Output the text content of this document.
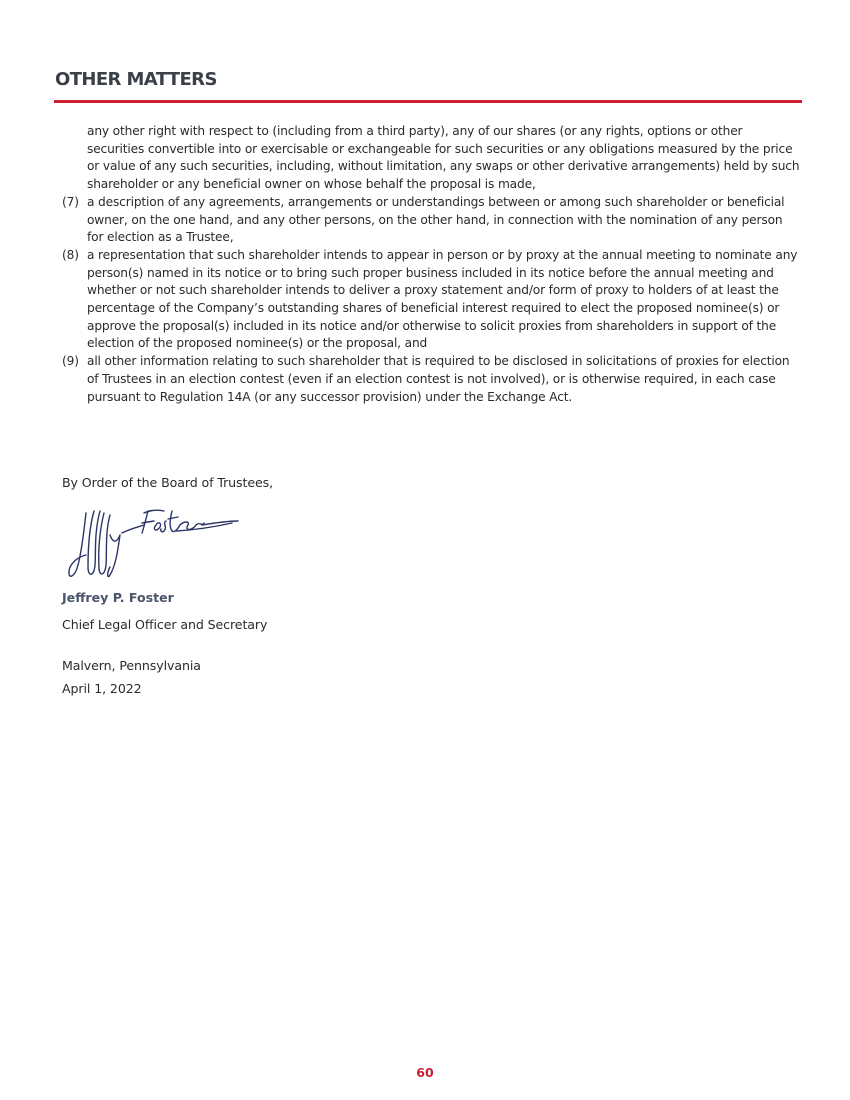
OTHER MATTERS
any other right with respect to (including from a third party), any of our shares (or any rights, options or other securities convertible into or exercisable or exchangeable for such securities or any obligations measured by the price or value of any such securities, including, without limitation, any swaps or other derivative arrangements) held by such shareholder or any beneficial owner on whose behalf the proposal is made,
(7) a description of any agreements, arrangements or understandings between or among such shareholder or beneficial owner, on the one hand, and any other persons, on the other hand, in connection with the nomination of any person for election as a Trustee,
(8) a representation that such shareholder intends to appear in person or by proxy at the annual meeting to nominate any person(s) named in its notice or to bring such proper business included in its notice before the annual meeting and whether or not such shareholder intends to deliver a proxy statement and/or form of proxy to holders of at least the percentage of the Company’s outstanding shares of beneficial interest required to elect the proposed nominee(s) or approve the proposal(s) included in its notice and/or otherwise to solicit proxies from shareholders in support of the election of the proposed nominee(s) or the proposal, and
(9) all other information relating to such shareholder that is required to be disclosed in solicitations of proxies for election of Trustees in an election contest (even if an election contest is not involved), or is otherwise required, in each case pursuant to Regulation 14A (or any successor provision) under the Exchange Act.
By Order of the Board of Trustees,
Jeffrey P. Foster
Chief Legal Officer and Secretary
Malvern, Pennsylvania
April 1, 2022
60
